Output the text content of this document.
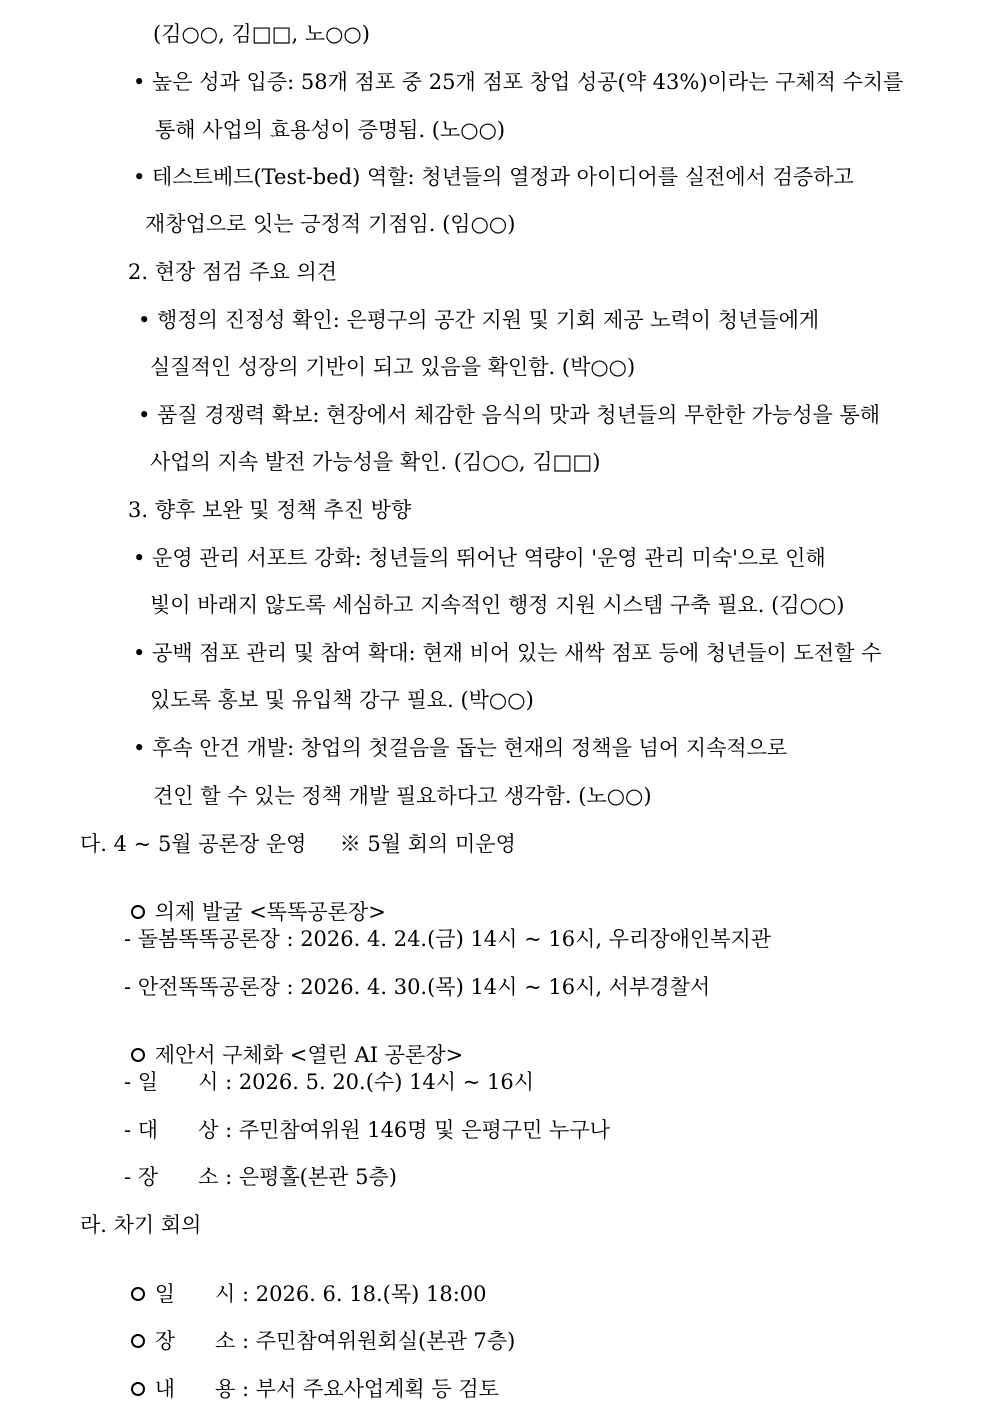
(김○○, 김□□, 노○○)
• 높은 성과 입증: 58개 점포 중 25개 점포 창업 성공(약 43%)이라는 구체적 수치를
통해 사업의 효용성이 증명됨. (노○○)
• 테스트베드(Test-bed) 역할: 청년들의 열정과 아이디어를 실전에서 검증하고
재창업으로 잇는 긍정적 기점임. (임○○)
2. 현장 점검 주요 의견
• 행정의 진정성 확인: 은평구의 공간 지원 및 기회 제공 노력이 청년들에게
실질적인 성장의 기반이 되고 있음을 확인함. (박○○)
• 품질 경쟁력 확보: 현장에서 체감한 음식의 맛과 청년들의 무한한 가능성을 통해
사업의 지속 발전 가능성을 확인. (김○○, 김□□)
3. 향후 보완 및 정책 추진 방향
• 운영 관리 서포트 강화: 청년들의 뛰어난 역량이 '운영 관리 미숙'으로 인해
빛이 바래지 않도록 세심하고 지속적인 행정 지원 시스템 구축 필요. (김○○)
• 공백 점포 관리 및 참여 확대: 현재 비어 있는 새싹 점포 등에 청년들이 도전할 수
있도록 홍보 및 유입책 강구 필요. (박○○)
• 후속 안건 개발: 창업의 첫걸음을 돕는 현재의 정책을 넘어 지속적으로
견인 할 수 있는 정책 개발 필요하다고 생각함. (노○○)
다. 4 ~ 5월 공론장 운영     ※ 5월 회의 미운영

의제 발굴 <똑똑공론장>

- 돌봄똑똑공론장 : 2026. 4. 24.(금) 14시 ~ 16시, 우리장애인복지관
- 안전똑똑공론장 : 2026. 4. 30.(목) 14시 ~ 16시, 서부경찰서

제안서 구체화 <열린 AI 공론장>

- 일      시 : 2026. 5. 20.(수) 14시 ~ 16시
- 대      상 : 주민참여위원 146명 및 은평구민 누구나
- 장      소 : 은평홀(본관 5층)
라. 차기 회의

일      시 : 2026. 6. 18.(목) 18:00

장      소 : 주민참여위원회실(본관 7층)

내      용 : 부서 주요사업계획 등 검토
